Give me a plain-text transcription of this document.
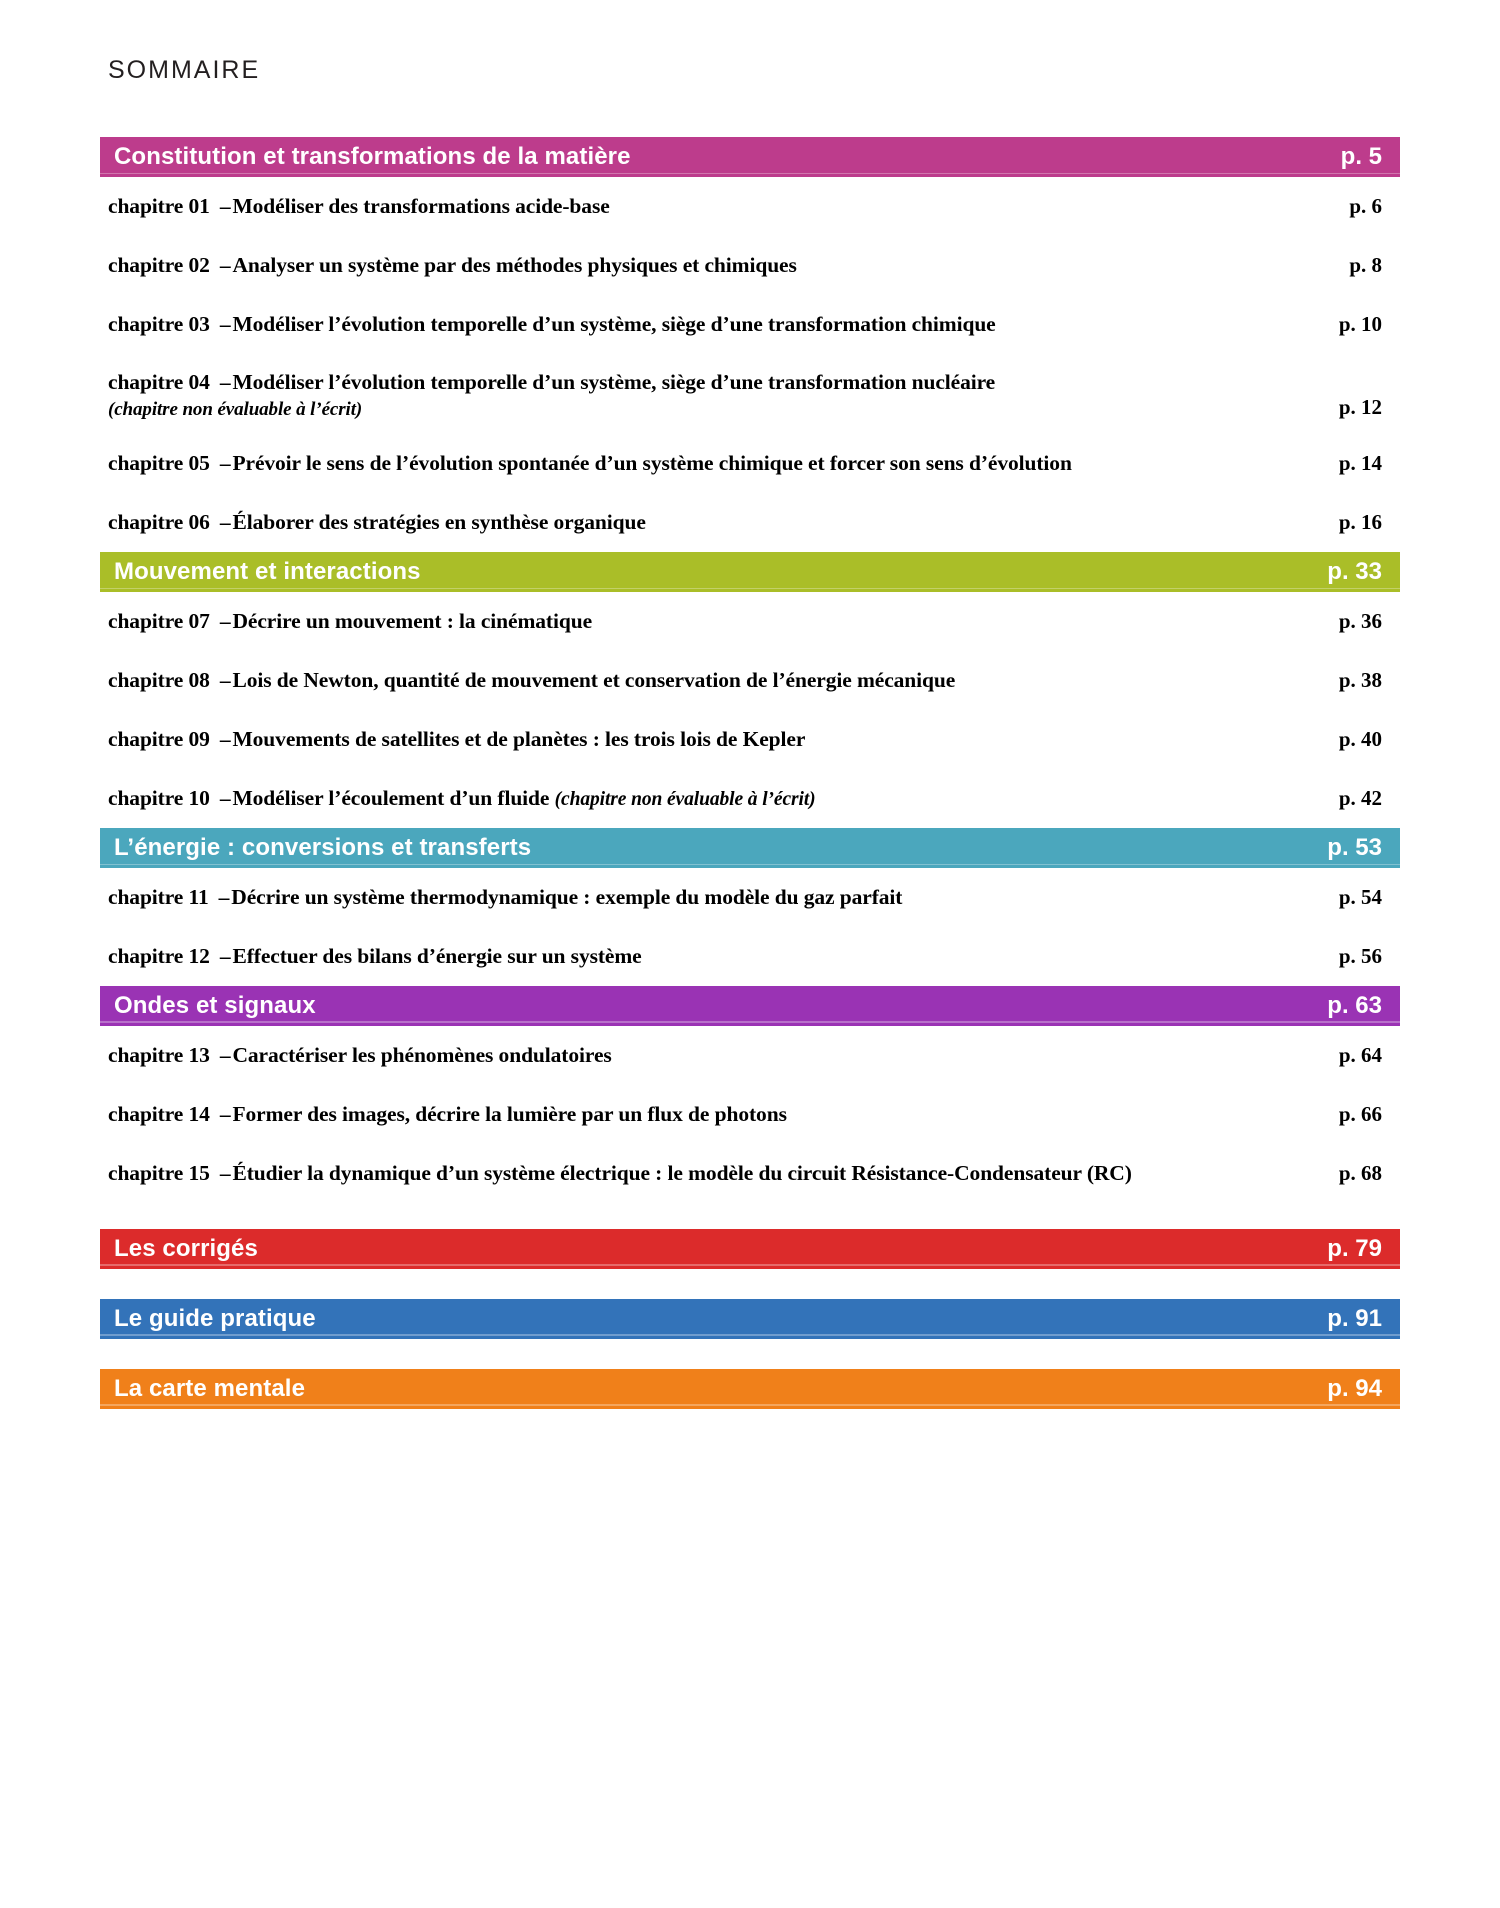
SOMMAIRE
Constitution et transformations de la matière	p. 5
chapitre 01 –Modéliser des transformations acide-base	p. 6
chapitre 02 –Analyser un système par des méthodes physiques et chimiques	p. 8
chapitre 03 –Modéliser l’évolution temporelle d’un système, siège d’une transformation chimique	p. 10
chapitre 04 –Modéliser l’évolution temporelle d’un système, siège d’une transformation nucléaire
(chapitre non évaluable à l’écrit)	p. 12
chapitre 05 –Prévoir le sens de l’évolution spontanée d’un système chimique et forcer son sens d’évolution	p. 14
chapitre 06 –Élaborer des stratégies en synthèse organique	p. 16
Mouvement et interactions	p. 33
chapitre 07 –Décrire un mouvement : la cinématique	p. 36
chapitre 08 –Lois de Newton, quantité de mouvement et conservation de l’énergie mécanique	p. 38
chapitre 09 –Mouvements de satellites et de planètes : les trois lois de Kepler	p. 40
chapitre 10 –Modéliser l’écoulement d’un fluide (chapitre non évaluable à l’écrit)	p. 42
L’énergie : conversions et transferts	p. 53
chapitre 11 –Décrire un système thermodynamique : exemple du modèle du gaz parfait	p. 54
chapitre 12 –Effectuer des bilans d’énergie sur un système	p. 56
Ondes et signaux	p. 63
chapitre 13 –Caractériser les phénomènes ondulatoires	p. 64
chapitre 14 –Former des images, décrire la lumière par un flux de photons	p. 66
chapitre 15 –Étudier la dynamique d’un système électrique : le modèle du circuit Résistance-Condensateur (RC)	p. 68
Les corrigés	p. 79
Le guide pratique	p. 91
La carte mentale	p. 94
